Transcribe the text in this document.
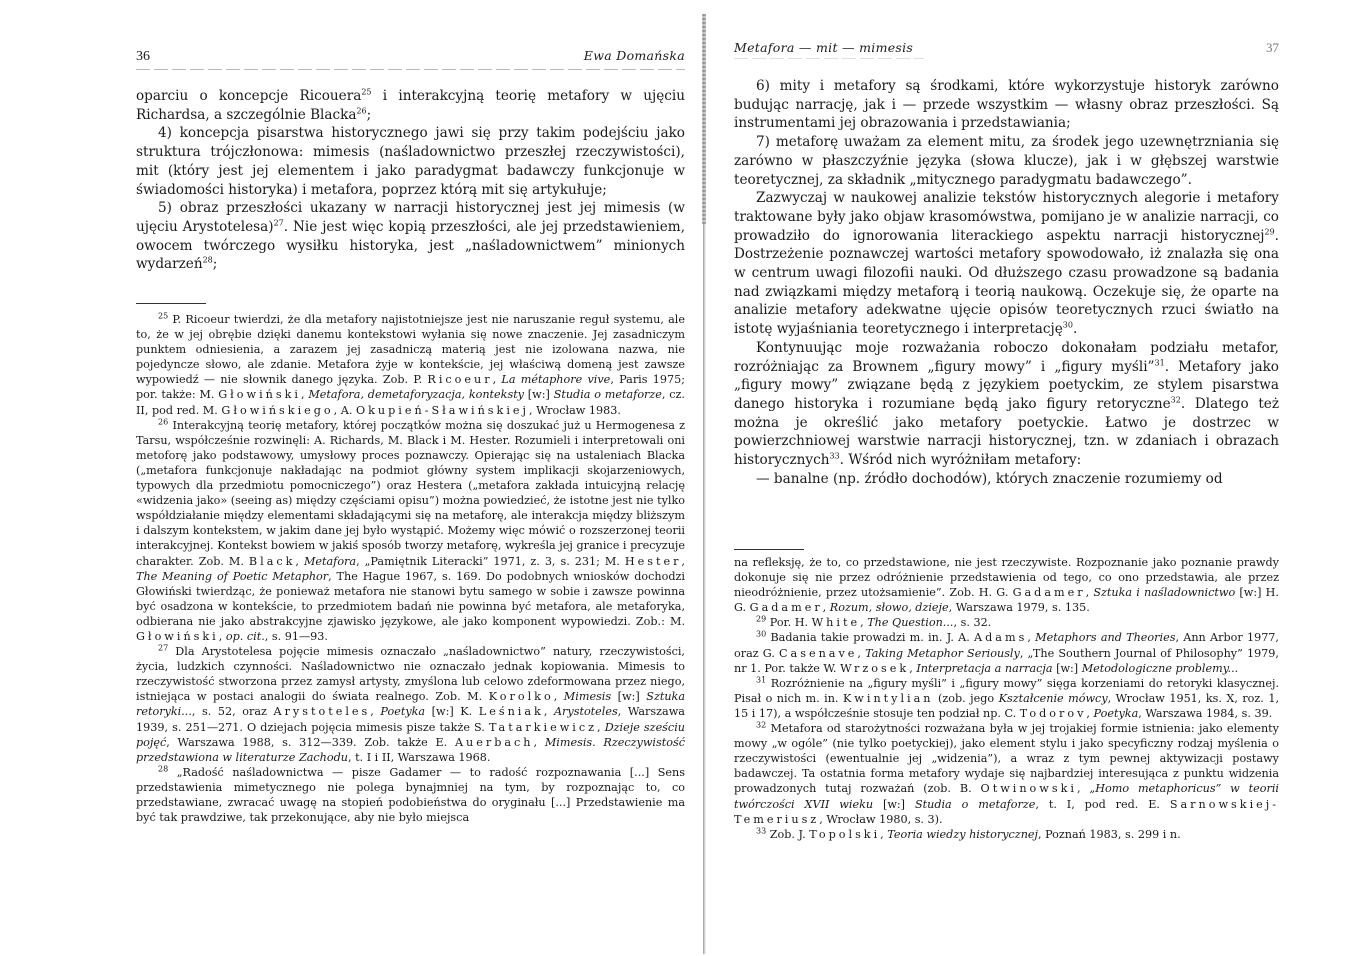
36	Ewa Domańska

oparciu o koncepcje Ricouera$^{25}$ i interakcyjną teorię metafory w ujęciu Richardsa, a szczególnie Blacka$^{26}$;

4) koncepcja pisarstwa historycznego jawi się przy takim podejściu jako struktura trójczłonowa: mimesis (naśladownictwo przeszłej rzeczywistości), mit (który jest jej elementem i jako paradygmat badawczy funkcjonuje w świadomości historyka) i metafora, poprzez którą mit się artykułuje;

5) obraz przeszłości ukazany w narracji historycznej jest jej mimesis (w ujęciu Arystotelesa)$^{27}$. Nie jest więc kopią przeszłości, ale jej przedstawieniem, owocem twórczego wysiłku historyka, jest „naśladownictwem” minionych wydarzeń$^{28}$;

$^{25}$ P. Ricoeur twierdzi, że dla metafory najistotniejsze jest nie naruszanie reguł systemu, ale to, że w jej obrębie dzięki danemu kontekstowi wyłania się nowe znaczenie. Jej zasadniczym punktem odniesienia, a zarazem jej zasadniczą materią jest nie izolowana nazwa, nie pojedyncze słowo, ale zdanie. Metafora żyje w kontekście, jej właściwą domeną jest zawsze wypowiedź — nie słownik danego języka. Zob. P. Ricoeur, La métaphore vive, Paris 1975; por. także: M. Głowiński, Metafora, demetaforyzacja, konteksty [w:] Studia o metaforze, cz. II, pod red. M. Głowińskiego, A. Okupień-Sławińskiej, Wrocław 1983.

$^{26}$ Interakcyjną teorię metafory, której początków można się doszukać już u Hermogenesa z Tarsu, współcześnie rozwinęli: A. Richards, M. Black i M. Hester. Rozumieli i interpretowali oni metoforę jako podstawowy, umysłowy proces poznawczy. Opierając się na ustaleniach Blacka („metafora funkcjonuje nakładając na podmiot główny system implikacji skojarzeniowych, typowych dla przedmiotu pomocniczego”) oraz Hestera („metafora zakłada intuicyjną relację «widzenia jako» (seeing as) między częściami opisu”) można powiedzieć, że istotne jest nie tylko współdziałanie między elementami składającymi się na metaforę, ale interakcja między bliższym i dalszym kontekstem, w jakim dane jej było wystąpić. Możemy więc mówić o rozszerzonej teorii interakcyjnej. Kontekst bowiem w jakiś sposób tworzy metaforę, wykreśla jej granice i precyzuje charakter. Zob. M. Black, Metafora, „Pamiętnik Literacki” 1971, z. 3, s. 231; M. Hester, The Meaning of Poetic Metaphor, The Hague 1967, s. 169. Do podobnych wniosków dochodzi Głowiński twierdząc, że ponieważ metafora nie stanowi bytu samego w sobie i zawsze powinna być osadzona w kontekście, to przedmiotem badań nie powinna być metafora, ale metaforyka, odbierana nie jako abstrakcyjne zjawisko językowe, ale jako komponent wypowiedzi. Zob.: M. Głowiński, op. cit., s. 91—93.

$^{27}$ Dla Arystotelesa pojęcie mimesis oznaczało „naśladownictwo” natury, rzeczywistości, życia, ludzkich czynności. Naśladownictwo nie oznaczało jednak kopiowania. Mimesis to rzeczywistość stworzona przez zamysł artysty, zmyślona lub celowo zdeformowana przez niego, istniejąca w postaci analogii do świata realnego. Zob. M. Korolko, Mimesis [w:] Sztuka retoryki..., s. 52, oraz Arystoteles, Poetyka [w:] K. Leśniak, Arystoteles, Warszawa 1939, s. 251—271. O dziejach pojęcia mimesis pisze także S. Tatarkiewicz, Dzieje sześciu pojęć, Warszawa 1988, s. 312—339. Zob. także E. Auerbach, Mimesis. Rzeczywistość przedstawiona w literaturze Zachodu, t. I i II, Warszawa 1968.

$^{28}$ „Radość naśladownictwa — pisze Gadamer — to radość rozpoznawania [...] Sens przedstawienia mimetycznego nie polega bynajmniej na tym, by rozpoznając to, co przedstawiane, zwracać uwagę na stopień podobieństwa do oryginału [...] Przedstawienie ma być tak prawdziwe, tak przekonujące, aby nie było miejsca

Metafora — mit — mimesis	37

6) mity i metafory są środkami, które wykorzystuje historyk zarówno budując narrację, jak i — przede wszystkim — własny obraz przeszłości. Są instrumentami jej obrazowania i przedstawiania;

7) metaforę uważam za element mitu, za środek jego uzewnętrzniania się zarówno w płaszczyźnie języka (słowa klucze), jak i w głębszej warstwie teoretycznej, za składnik „mitycznego paradygmatu badawczego”.

Zazwyczaj w naukowej analizie tekstów historycznych alegorie i metafory traktowane były jako objaw krasomówstwa, pomijano je w analizie narracji, co prowadziło do ignorowania literackiego aspektu narracji historycznej$^{29}$. Dostrzeżenie poznawczej wartości metafory spowodowało, iż znalazła się ona w centrum uwagi filozofii nauki. Od dłuższego czasu prowadzone są badania nad związkami między metaforą i teorią naukową. Oczekuje się, że oparte na analizie metafory adekwatne ujęcie opisów teoretycznych rzuci światło na istotę wyjaśniania teoretycznego i interpretację$^{30}$.

Kontynuując moje rozważania roboczo dokonałam podziału metafor, rozróżniając za Brownem „figury mowy” i „figury myśli”$^{31}$. Metafory jako „figury mowy” związane będą z językiem poetyckim, ze stylem pisarstwa danego historyka i rozumiane będą jako figury retoryczne$^{32}$. Dlatego też można je określić jako metafory poetyckie. Łatwo je dostrzec w powierzchniowej warstwie narracji historycznej, tzn. w zdaniach i obrazach historycznych$^{33}$. Wśród nich wyróżniłam metafory:

— banalne (np. źródło dochodów), których znaczenie rozumiemy od

na refleksję, że to, co przedstawione, nie jest rzeczywiste. Rozpoznanie jako poznanie prawdy dokonuje się nie przez odróżnienie przedstawienia od tego, co ono przedstawia, ale przez nieodróżnienie, przez utożsamienie”. Zob. H. G. Gadamer, Sztuka i naśladownictwo [w:] H. G. Gadamer, Rozum, słowo, dzieje, Warszawa 1979, s. 135.

$^{29}$ Por. H. White, The Question..., s. 32.

$^{30}$ Badania takie prowadzi m. in. J. A. Adams, Metaphors and Theories, Ann Arbor 1977, oraz G. Casenave, Taking Metaphor Seriously, „The Southern Journal of Philosophy” 1979, nr 1. Por. także W. Wrzosek, Interpretacja a narracja [w:] Metodologiczne problemy...

$^{31}$ Rozróżnienie na „figury myśli” i „figury mowy” sięga korzeniami do retoryki klasycznej. Pisał o nich m. in. Kwintylian (zob. jego Kształcenie mówcy, Wrocław 1951, ks. X, roz. 1, 15 i 17), a współcześnie stosuje ten podział np. C. Todorov, Poetyka, Warszawa 1984, s. 39.

$^{32}$ Metafora od starożytności rozważana była w jej trojakiej formie istnienia: jako elementy mowy „w ogóle” (nie tylko poetyckiej), jako element stylu i jako specyficzny rodzaj myślenia o rzeczywistości (ewentualnie jej „widzenia”), a wraz z tym pewnej aktywizacji postawy badawczej. Ta ostatnia forma metafory wydaje się najbardziej interesująca z punktu widzenia prowadzonych tutaj rozważań (zob. B. Otwinowski, „Homo metaphoricus” w teorii twórczości XVII wieku [w:] Studia o metaforze, t. I, pod red. E. Sarnowskiej-Temeriusz, Wrocław 1980, s. 3).

$^{33}$ Zob. J. Topolski, Teoria wiedzy historycznej, Poznań 1983, s. 299 i n.
